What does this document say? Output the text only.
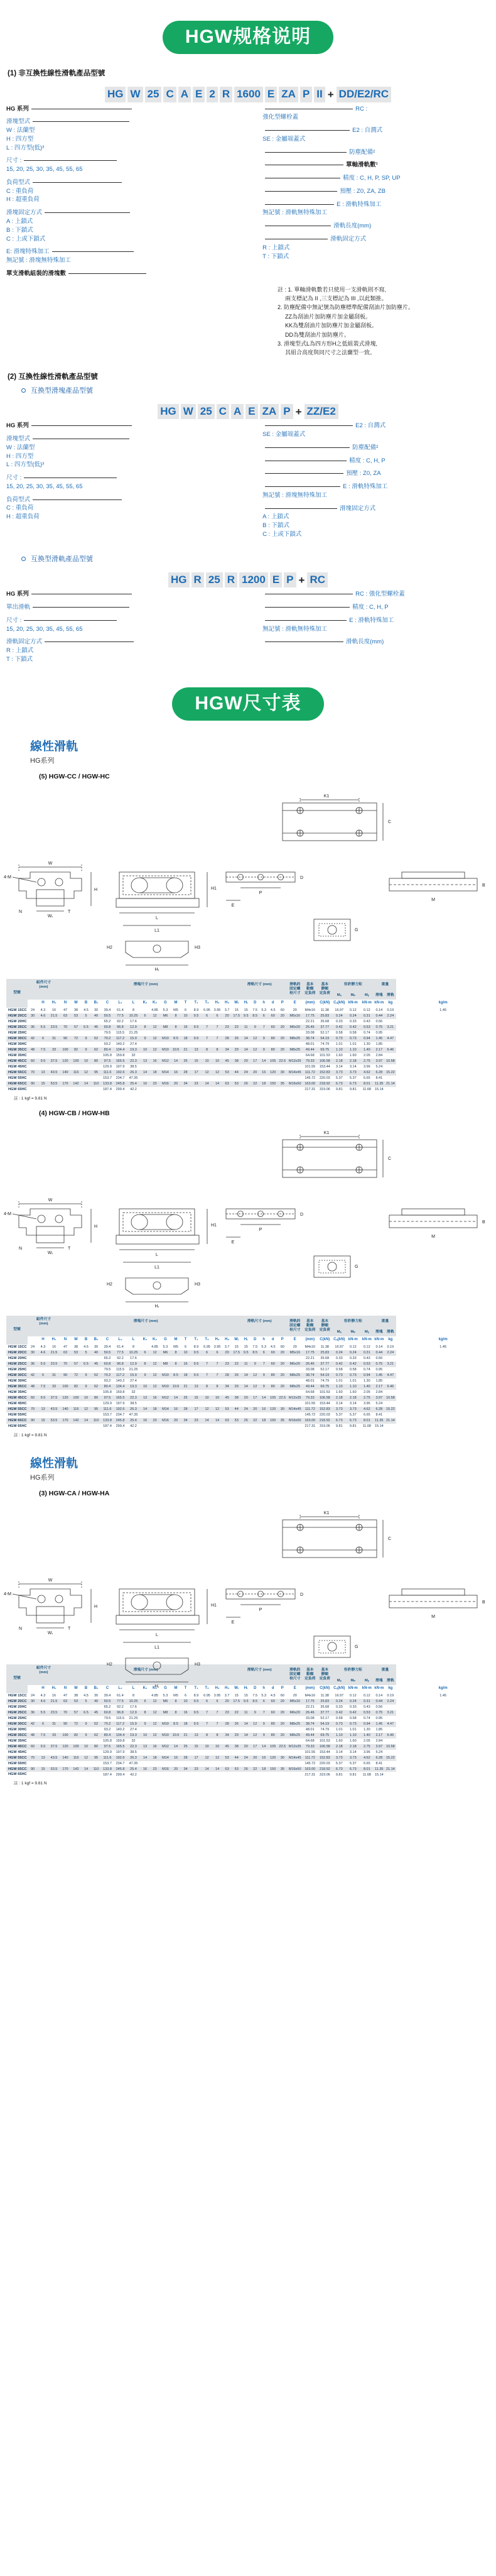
HGW规格说明
(1) 非互換性線性滑軌產品型號
HG W 25 C A E 2 R 1600 E ZA P II + DD/E2/RC
HG 系列
滑塊型式
W : 法蘭型
H : 四方型
L : 四方型(低)³
尺寸 :
15, 20, 25, 30, 35, 45, 55, 65
負荷型式
C : 重負荷
H : 超重負荷
滑塊固定方式
A : 上鎖式
B : 下鎖式
C : 上或下鎖式
E: 滑塊特殊加工
無記號 : 滑塊無特殊加工
單支滑軌組裝的滑塊數
RC :
強化型螺栓蓋
E2 : 自潤式
SE : 金屬端蓋式
防塵配備²
單軸滑軌數¹
精度 : C, H, P, SP, UP
預壓 : Z0, ZA, ZB
E : 滑軌特殊加工
無記號 : 滑軌無特殊加工
滑軌長度(mm)
滑軌固定方式
R : 上鎖式
T : 下鎖式
註 : 1. 單軸滑軌數若只使用一支滑軌則不寫,
兩支標記為 II ,三支標記為 III ,以此類推。
2. 防塵配備中無記號為防塵標準配備刮油片加防塵片。
ZZ為刮油片加防塵片加金屬刮板。
KK為雙刮油片加防塵片加金屬刮板。
DD為雙刮油片加防塵片。
3. 滑塊型式L為四方形H之低組裝式滑塊,
其組合高度與同尺寸之法蘭型一致。
(2) 互換性線性滑軌產品型號
互換型滑塊產品型號
HG W 25 C A E ZA P + ZZ/E2
HG 系列
滑塊型式
W : 法蘭型
H : 四方型
L : 四方型(低)³
尺寸 :
15, 20, 25, 30, 35, 45, 55, 65
負荷型式
C : 重負荷
H : 超重負荷
E2 : 自潤式
SE : 金屬端蓋式
防塵配備²
精度 : C, H, P
預壓 : Z0, ZA
E : 滑軌特殊加工
無記號 : 滑塊無特殊加工
滑塊固定方式
A : 上鎖式
B : 下鎖式
C : 上或下鎖式
互換型滑軌產品型號
HG R 25 R 1200 E P + RC
HG 系列
單出滑軌
尺寸 :
15, 20, 25, 30, 35, 45, 55, 65
滑軌固定方式
R : 上鎖式
T : 下鎖式
RC : 強化型螺栓蓋
精度 : C, H, P
E : 滑軌特殊加工
無記號 : 滑軌無特殊加工
滑軌長度(mm)
HGW尺寸表
線性滑軌
HG系列
(5) HGW-CC / HGW-HC
K1
C
W
H
Wᵣ
4-M
N	T
L
L1
H1
P
E
D
G
Hᵣ
H2	H3
M
B
型號	組件尺寸
(mm)			滑塊尺寸 (mm)																滑軌尺寸 (mm)						滑軌的
固定螺
栓尺寸	基本
動額
定負荷	基本
靜額
定負荷	容許靜力矩			重量		
																													Mₐ	Mₚ	Mᵧ	滑塊	滑軌	
		H	H₁	N	W	B	B₁	C	L₁	L	K₁	K₂	G	M	T	T₁	T₂	H₂	H₃	Wᵣ	Hᵣ	D	h	d	P	E	(mm)	C(kN)	Cₐ(kN)	kN-m	kN-m	kN-m	kg	kg/m
HGW 15CC	24	4.3	16	47	38	4.5	30	39.4	61.4	8		4.85	5.3	M5	6	8.9	6.95	3.95	3.7	15	15	7.5	5.3	4.5	60	20	M4x16	11.38	16.97	0.12	0.12	0.14	0.19	1.45
HGW 20CC	30	4.6	21.5	63	53	5	40	50.5	77.5	10.25	6	12	M6	8	10	9.5	6	6	20	17.5	9.5	8.5	6	60	20	M5x16	17.75	25.83	0.24	0.24	0.31	0.44	2.24	
HGW 20HC								65.2	92.2	17.6																	22.21	35.68	0.33	0.33	0.43	0.56		
HGW 25CC	36	5.5	23.5	70	57	6.5	45	60.8	96.8	12.9	8	12	M8	8	16	9.5	7	7	23	22	11	9	7	60	20	M6x20	26.46	37.77	0.42	0.42	0.53	0.75	3.21	
HGW 25HC								79.5	115.5	21.25																	33.08	52.17	0.58	0.58	0.74	0.95		
HGW 30CC	42	6	31	90	72	9	52	70.2	117.2	15.9	9	12	M10	8.5	18	9.5	7	7	28	26	14	12	9	80	20	M8x25	38.74	54.19	0.73	0.73	0.94	1.45	4.47	
HGW 30HC								93.2	140.2	27.4																	48.01	74.79	1.01	1.01	1.30	1.85		
HGW 35CC	48	7.5	33	100	82	9	62	80.4	134.4	19.3	10	12	M10	10.5	21	13	8	8	34	29	14	12	9	80	20	M8x25	49.44	69.75	1.10	1.10	1.40	2.17	6.46	
HGW 35HC								105.8	159.8	32																	64.68	101.53	1.60	1.60	2.05	2.84		
HGW 45CC	60	9.5	37.5	120	100	10	80	97.5	165.5	22.3	13	16	M12	14	25	15	10	10	45	38	20	17	14	105	22.5	M12x35	79.33	106.58	2.18	2.18	2.75	3.97	10.58	
HGW 45HC								129.9	197.9	38.5																	101.55	153.44	3.14	3.14	3.96	5.24		
HGW 55CC	70	13	43.5	140	116	12	95	111.6	192.6	26.3	14	18	M14	16	28	17	12	12	53	44	24	20	16	120	30	M14x45	111.72	152.83	3.73	3.73	4.62	6.28	15.22	
HGW 55HC								153.7	234.7	47.35																	145.72	220.03	5.37	5.37	6.65	8.41		
HGW 65CC	90	15	53.5	170	142	14	110	133.8	245.8	25.4	16	23	M16	20	34	23	14	14	63	53	26	22	18	150	35	M16x50	163.00	218.92	6.73	6.73	8.01	11.35	21.14	
HGW 65HC								187.4	299.4	42.2																	217.31	319.06	9.81	9.81	11.68	15.14		
註 : 1 kgf = 9.81 N
(4) HGW-CB / HGW-HB
K1
C
W
H
Wᵣ
4-M
N	T
L
L1
H1
P
E
D
G
Hᵣ
H2	H3
M
B
型號	組件尺寸
(mm)			滑塊尺寸 (mm)																滑軌尺寸 (mm)						滑軌的
固定螺
栓尺寸	基本
動額
定負荷	基本
靜額
定負荷	容許靜力矩			重量		
																													Mₐ	Mₚ	Mᵧ	滑塊	滑軌	
		H	H₁	N	W	B	B₁	C	L₁	L	K₁	K₂	G	M	T	T₁	T₂	H₂	H₃	Wᵣ	Hᵣ	D	h	d	P	E	(mm)	C(kN)	Cₐ(kN)	kN-m	kN-m	kN-m	kg	kg/m
HGW 15CC	24	4.3	16	47	38	4.5	30	39.4	61.4	8		4.85	5.3	M5	6	8.9	6.95	3.95	3.7	15	15	7.5	5.3	4.5	60	20	M4x16	11.38	16.97	0.12	0.12	0.14	0.19	1.45
HGW 20CC	30	4.6	21.5	63	53	5	40	50.5	77.5	10.25	6	12	M6	8	10	9.5	6	6	20	17.5	9.5	8.5	6	60	20	M5x16	17.75	25.83	0.24	0.24	0.31	0.44	2.24	
HGW 20HC								65.2	92.2	17.6																	22.21	35.68	0.33	0.33	0.43	0.56		
HGW 25CC	36	5.5	23.5	70	57	6.5	45	60.8	96.8	12.9	8	12	M8	8	16	9.5	7	7	23	22	11	9	7	60	20	M6x20	26.46	37.77	0.42	0.42	0.53	0.75	3.21	
HGW 25HC								79.5	115.5	21.25																	33.08	52.17	0.58	0.58	0.74	0.95		
HGW 30CC	42	6	31	90	72	9	52	70.2	117.2	15.9	9	12	M10	8.5	18	9.5	7	7	28	26	14	12	9	80	20	M8x25	38.74	54.19	0.73	0.73	0.94	1.45	4.47	
HGW 30HC								93.2	140.2	27.4																	48.01	74.79	1.01	1.01	1.30	1.85		
HGW 35CC	48	7.5	33	100	82	9	62	80.4	134.4	19.3	10	12	M10	10.5	21	13	8	8	34	29	14	12	9	80	20	M8x25	49.44	69.75	1.10	1.10	1.40	2.17	6.46	
HGW 35HC								105.8	159.8	32																	64.68	101.53	1.60	1.60	2.05	2.84		
HGW 45CC	60	9.5	37.5	120	100	10	80	97.5	165.5	22.3	13	16	M12	14	25	15	10	10	45	38	20	17	14	105	22.5	M12x35	79.33	106.58	2.18	2.18	2.75	3.97	10.58	
HGW 45HC								129.9	197.9	38.5																	101.55	153.44	3.14	3.14	3.96	5.24		
HGW 55CC	70	13	43.5	140	116	12	95	111.6	192.6	26.3	14	18	M14	16	28	17	12	12	53	44	24	20	16	120	30	M14x45	111.72	152.83	3.73	3.73	4.62	6.28	15.22	
HGW 55HC								153.7	234.7	47.35																	145.72	220.03	5.37	5.37	6.65	8.41		
HGW 65CC	90	15	53.5	170	142	14	110	133.8	245.8	25.4	16	23	M16	20	34	23	14	14	63	53	26	22	18	150	35	M16x50	163.00	218.92	6.73	6.73	8.01	11.35	21.14	
HGW 65HC								187.4	299.4	42.2																	217.31	319.06	9.81	9.81	11.68	15.14		
註 : 1 kgf = 9.81 N
線性滑軌
HG系列
(3) HGW-CA / HGW-HA
K1
C
W
H
Wᵣ
4-M
N	T
L
L1
H1
P
E
D
G
Hᵣ
H2	H3
M
B
型號	組件尺寸
(mm)			滑塊尺寸 (mm)																滑軌尺寸 (mm)						滑軌的
固定螺
栓尺寸	基本
動額
定負荷	基本
靜額
定負荷	容許靜力矩			重量		
																													Mₐ	Mₚ	Mᵧ	滑塊	滑軌	
		H	H₁	N	W	B	B₁	C	L₁	L	K₁	K₂	G	M	T	T₁	T₂	H₂	H₃	Wᵣ	Hᵣ	D	h	d	P	E	(mm)	C(kN)	Cₐ(kN)	kN-m	kN-m	kN-m	kg	kg/m
HGW 15CC	24	4.3	16	47	38	4.5	30	39.4	61.4	8		4.85	5.3	M5	6	8.9	6.95	3.95	3.7	15	15	7.5	5.3	4.5	60	20	M4x16	11.38	16.97	0.12	0.12	0.14	0.19	1.45
HGW 20CC	30	4.6	21.5	63	53	5	40	50.5	77.5	10.25	6	12	M6	8	10	9.5	6	6	20	17.5	9.5	8.5	6	60	20	M5x16	17.75	25.83	0.24	0.24	0.31	0.44	2.24	
HGW 20HC								65.2	92.2	17.6																	22.21	35.68	0.33	0.33	0.43	0.56		
HGW 25CC	36	5.5	23.5	70	57	6.5	45	60.8	96.8	12.9	8	12	M8	8	16	9.5	7	7	23	22	11	9	7	60	20	M6x20	26.46	37.77	0.42	0.42	0.53	0.75	3.21	
HGW 25HC								79.5	115.5	21.25																	33.08	52.17	0.58	0.58	0.74	0.95		
HGW 30CC	42	6	31	90	72	9	52	70.2	117.2	15.9	9	12	M10	8.5	18	9.5	7	7	28	26	14	12	9	80	20	M8x25	38.74	54.19	0.73	0.73	0.94	1.45	4.47	
HGW 30HC								93.2	140.2	27.4																	48.01	74.79	1.01	1.01	1.30	1.85		
HGW 35CC	48	7.5	33	100	82	9	62	80.4	134.4	19.3	10	12	M10	10.5	21	13	8	8	34	29	14	12	9	80	20	M8x25	49.44	69.75	1.10	1.10	1.40	2.17	6.46	
HGW 35HC								105.8	159.8	32																	64.68	101.53	1.60	1.60	2.05	2.84		
HGW 45CC	60	9.5	37.5	120	100	10	80	97.5	165.5	22.3	13	16	M12	14	25	15	10	10	45	38	20	17	14	105	22.5	M12x35	79.33	106.58	2.18	2.18	2.75	3.97	10.58	
HGW 45HC								129.9	197.9	38.5																	101.55	153.44	3.14	3.14	3.96	5.24		
HGW 55CC	70	13	43.5	140	116	12	95	111.6	192.6	26.3	14	18	M14	16	28	17	12	12	53	44	24	20	16	120	30	M14x45	111.72	152.83	3.73	3.73	4.62	6.28	15.22	
HGW 55HC								153.7	234.7	47.35																	145.72	220.03	5.37	5.37	6.65	8.41		
HGW 65CC	90	15	53.5	170	142	14	110	133.8	245.8	25.4	16	23	M16	20	34	23	14	14	63	53	26	22	18	150	35	M16x50	163.00	218.92	6.73	6.73	8.01	11.35	21.14	
HGW 65HC								187.4	299.4	42.2																	217.31	319.06	9.81	9.81	11.68	15.14		
註 : 1 kgf = 9.81 N
